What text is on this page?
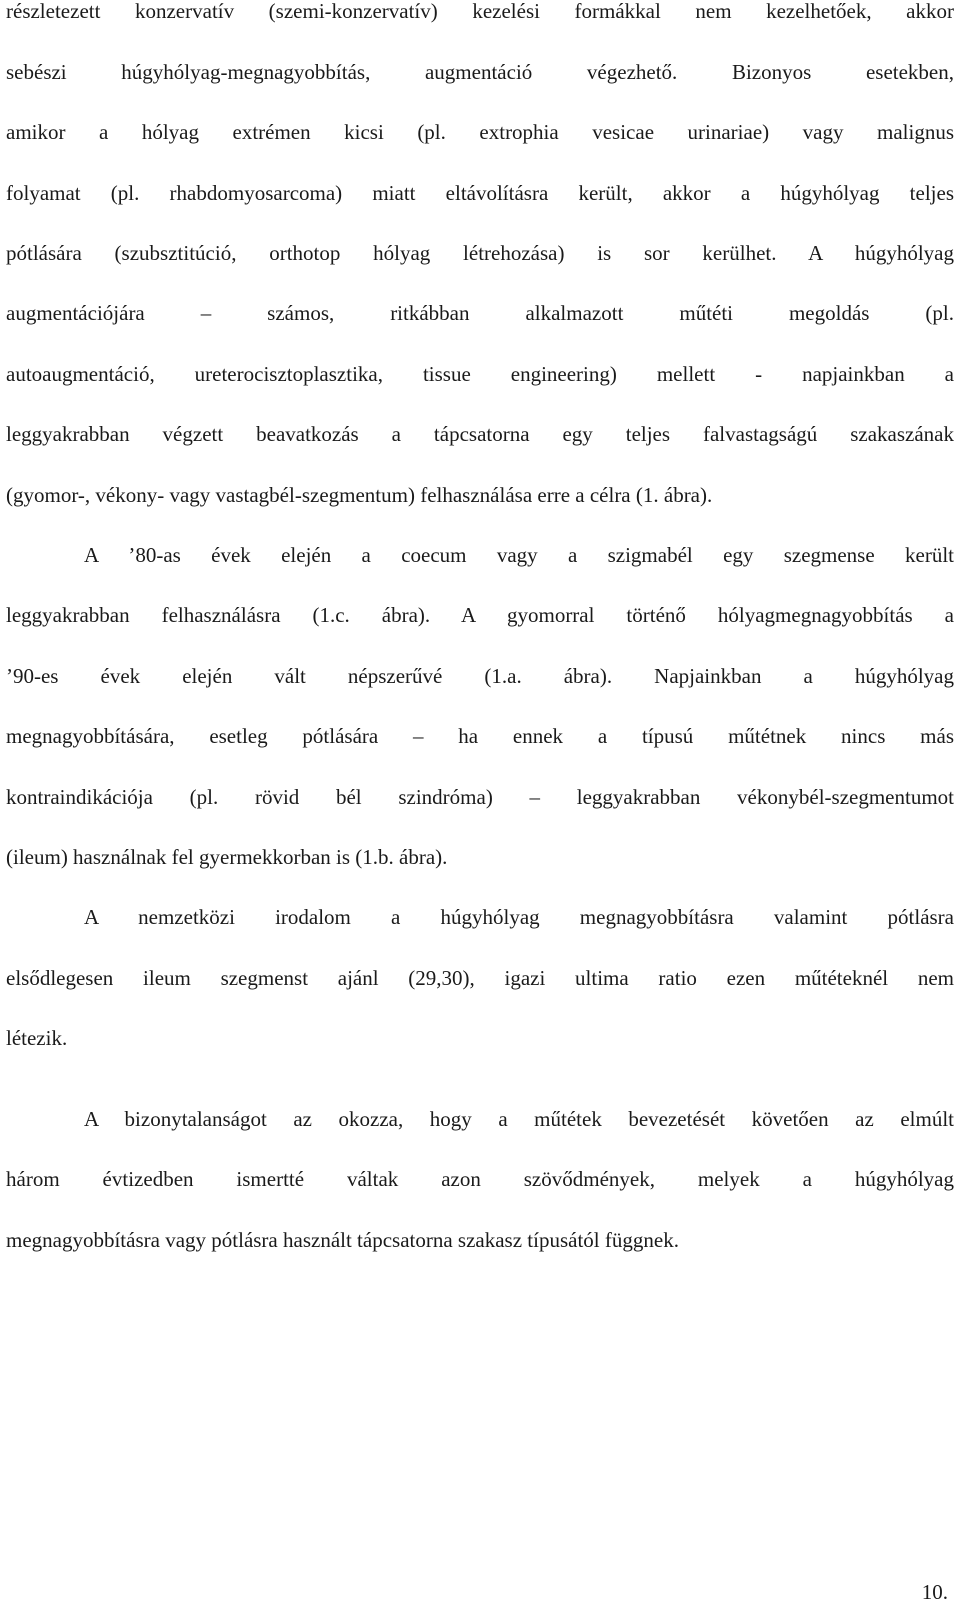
részletezett konzervatív (szemi-konzervatív) kezelési formákkal nem kezelhetőek, akkor

sebészi húgyhólyag-megnagyobbítás, augmentáció végezhető. Bizonyos esetekben,

amikor a hólyag extrémen kicsi (pl. extrophia vesicae urinariae) vagy malignus

folyamat (pl. rhabdomyosarcoma) miatt eltávolításra került, akkor a húgyhólyag teljes

pótlására (szubsztitúció, orthotop hólyag létrehozása) is sor kerülhet. A húgyhólyag

augmentációjára – számos, ritkábban alkalmazott műtéti megoldás (pl.

autoaugmentáció, ureterocisztoplasztika, tissue engineering) mellett - napjainkban a

leggyakrabban végzett beavatkozás a tápcsatorna egy teljes falvastagságú szakaszának

(gyomor-, vékony- vagy vastagbél-szegmentum) felhasználása erre a célra (1. ábra).

A ’80-as évek elején a coecum vagy a szigmabél egy szegmense került

leggyakrabban felhasználásra (1.c. ábra). A gyomorral történő hólyagmegnagyobbítás a

’90-es évek elején vált népszerűvé (1.a. ábra). Napjainkban a húgyhólyag

megnagyobbítására, esetleg pótlására – ha ennek a típusú műtétnek nincs más

kontraindikációja (pl. rövid bél szindróma) – leggyakrabban vékonybél-szegmentumot

(ileum) használnak fel gyermekkorban is (1.b. ábra).

A nemzetközi irodalom a húgyhólyag megnagyobbításra valamint pótlásra

elsődlegesen ileum szegmenst ajánl (29,30), igazi ultima ratio ezen műtéteknél nem

létezik.

A bizonytalanságot az okozza, hogy a műtétek bevezetését követően az elmúlt

három évtizedben ismertté váltak azon szövődmények, melyek a húgyhólyag

megnagyobbításra vagy pótlásra használt tápcsatorna szakasz típusától függnek.

10.
